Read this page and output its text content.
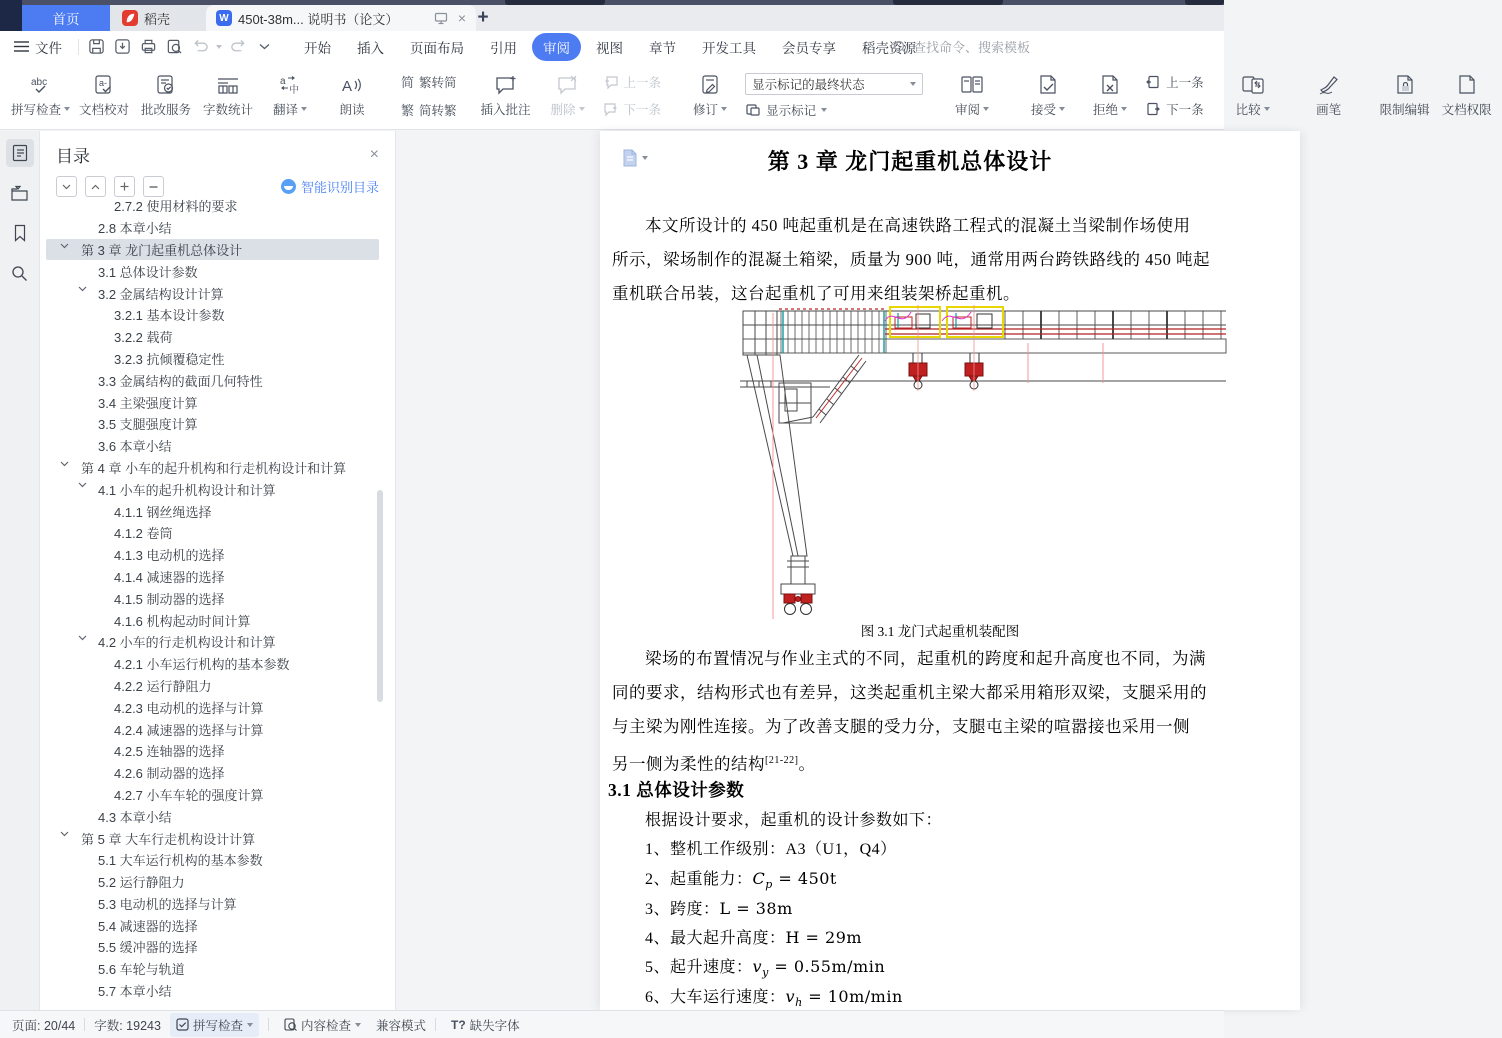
首页	稻壳	W 450t-38m... 说明书（论文）	× +
文件	开始	插入	页面布局	引用	审阅	视图	章节	开发工具	会员专享	稻壳资源
查找命令、搜索模板
abc
拼写检查
a-
文档校对 批改服务 字数统计
a
中
翻译
A
朗读
简 繁转简
繁 简转繁 插入批注 删除
上一条
下一条	修订
显示标记的最终状态
显示标记	审阅	接受	拒绝
上一条
下一条	比较	画笔	限制编辑 文档权限
目录	×
智能识别目录
2.7.2 使用材料的要求
2.8 本章小结
第 3 章 龙门起重机总体设计
3.1 总体设计参数
3.2 金属结构设计计算
3.2.1 基本设计参数
3.2.2 载荷
3.2.3 抗倾覆稳定性
3.3 金属结构的截面几何特性
3.4 主梁强度计算
3.5 支腿强度计算
3.6 本章小结
第 4 章 小车的起升机构和行走机构设计和计算
4.1 小车的起升机构设计和计算
4.1.1 钢丝绳选择
4.1.2 卷筒
4.1.3 电动机的选择
4.1.4 减速器的选择
4.1.5 制动器的选择
4.1.6 机构起动时间计算
4.2 小车的行走机构设计和计算
4.2.1 小车运行机构的基本参数
4.2.2 运行静阻力
4.2.3 电动机的选择与计算
4.2.4 减速器的选择与计算
4.2.5 连轴器的选择
4.2.6 制动器的选择
4.2.7 小车车轮的强度计算
4.3 本章小结
第 5 章 大车行走机构设计计算
5.1 大车运行机构的基本参数
5.2 运行静阻力
5.3 电动机的选择与计算
5.4 减速器的选择
5.5 缓冲器的选择
5.6 车轮与轨道
5.7 本章小结
第 3 章 龙门起重机总体设计
本文所设计的 450 吨起重机是在高速铁路工程式的混凝土当梁制作场使用
所示，梁场制作的混凝土箱梁，质量为 900 吨，通常用两台跨铁路线的 450 吨起
重机联合吊装，这台起重机了可用来组装架桥起重机。
图 3.1 龙门式起重机装配图
梁场的布置情况与作业主式的不同，起重机的跨度和起升高度也不同，为满
同的要求，结构形式也有差异，这类起重机主梁大都采用箱形双梁，支腿采用的
与主梁为刚性连接。为了改善支腿的受力分，支腿屯主梁的喧嚣接也采用一侧
另一侧为柔性的结构[21-22]。
3.1 总体设计参数
根据设计要求，起重机的设计参数如下：
1、整机工作级别：A3（U1，Q4）
2、起重能力：$C_p = 450t$
3、跨度：L = 38m
4、最大起升高度：H = 29m
5、起升速度：$v_y = 0.55m/\min$
6、大车运行速度：$v_h = 10m/\min$
页面: 20/44 字数: 19243	拼写检查	内容检查 兼容模式 T? 缺失字体
